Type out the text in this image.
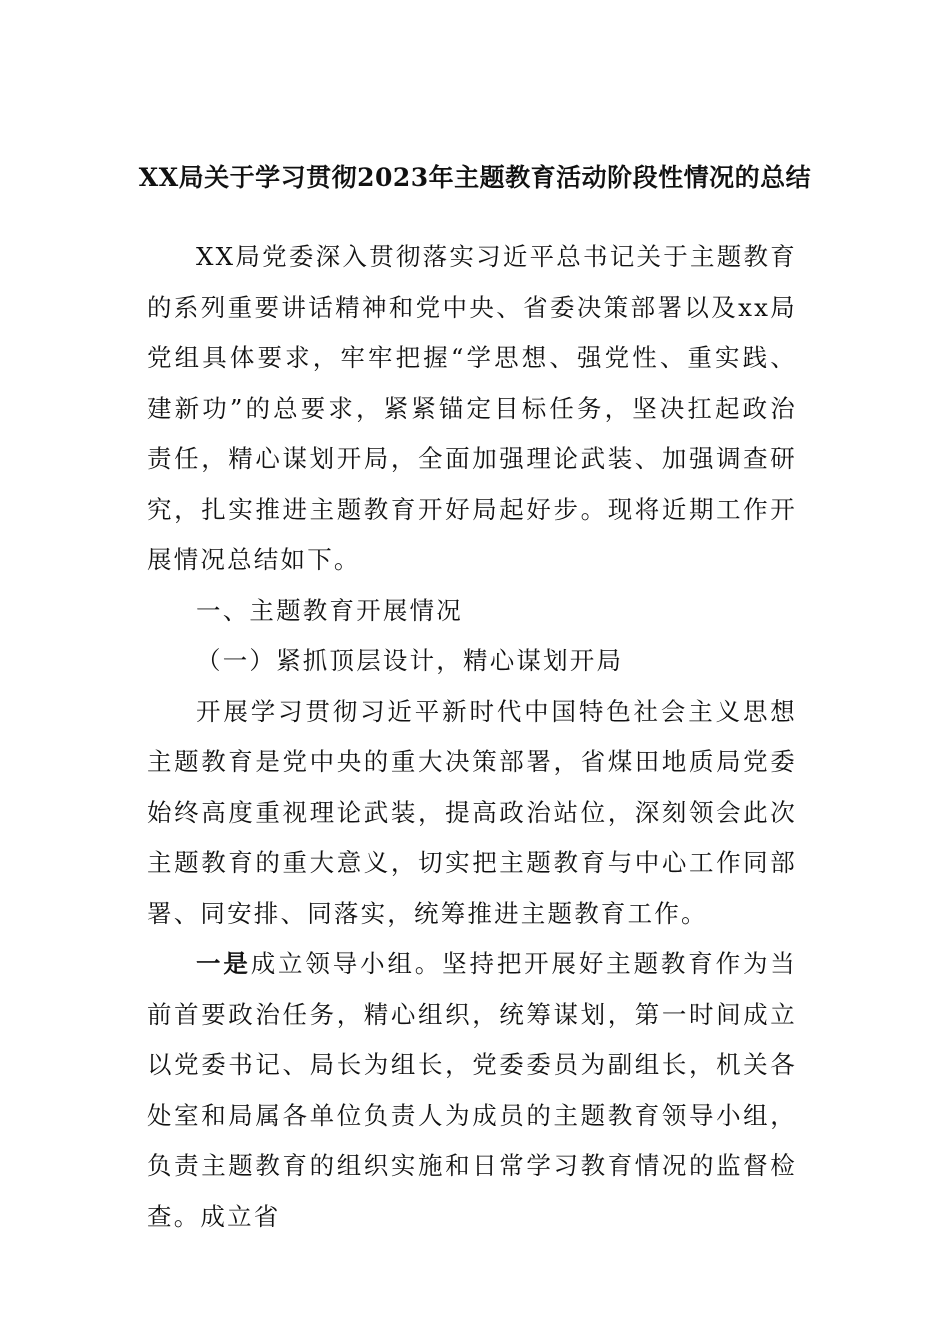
XX局关于学习贯彻2023年主题教育活动阶段性情况的总结

XX局党委深入贯彻落实习近平总书记关于主题教育的系列重要讲话精神和党中央、省委决策部署以及xx局党组具体要求，牢牢把握“学思想、强党性、重实践、建新功”的总要求，紧紧锚定目标任务，坚决扛起政治责任，精心谋划开局，全面加强理论武装、加强调查研究，扎实推进主题教育开好局起好步。现将近期工作开展情况总结如下。

一、主题教育开展情况

（一）紧抓顶层设计，精心谋划开局

开展学习贯彻习近平新时代中国特色社会主义思想主题教育是党中央的重大决策部署，省煤田地质局党委始终高度重视理论武装，提高政治站位，深刻领会此次主题教育的重大意义，切实把主题教育与中心工作同部署、同安排、同落实，统筹推进主题教育工作。

一是成立领导小组。坚持把开展好主题教育作为当前首要政治任务，精心组织，统筹谋划，第一时间成立以党委书记、局长为组长，党委委员为副组长，机关各处室和局属各单位负责人为成员的主题教育领导小组，负责主题教育的组织实施和日常学习教育情况的监督检查。成立省
